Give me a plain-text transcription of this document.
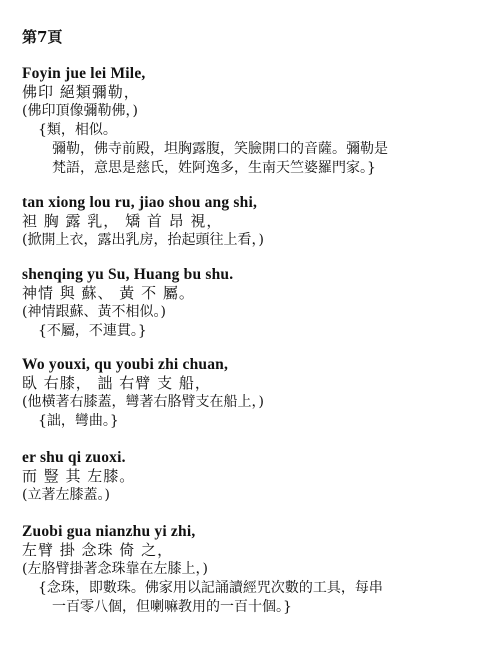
第7頁
Foyin jue lei Mile,
佛印 絕類彌勒，
(佛印頂像彌勒佛，)
{類，相似。
彌勒，佛寺前殿，坦胸露腹，笑臉開口的音薩。彌勒是
梵語，意思是慈氏，姓阿逸多，生南天竺婆羅門家。}
tan xiong lou ru, jiao shou ang shi,
袒 胸 露 乳， 矯 首 昂 視，
(掀開上衣，露出乳房，抬起頭往上看，)
shenqing yu Su, Huang bu shu.
神情 與 蘇、 黃 不 屬。
(神情跟蘇、黃不相似。)
{不屬，不連貫。}
Wo youxi, qu youbi zhi chuan,
臥 右膝， 詘 右臂 支 船，
(他橫著右膝蓋，彎著右胳臂支在船上，)
{詘，彎曲。}
er shu qi zuoxi.
而 豎 其 左膝。
(立著左膝蓋。)
Zuobi gua nianzhu yi zhi,
左臂 掛 念珠 倚 之，
(左胳臂掛著念珠靠在左膝上，)
{念珠，即數珠。佛家用以記誦讀經咒次數的工具，每串
一百零八個，但喇嘛教用的一百十個。}
